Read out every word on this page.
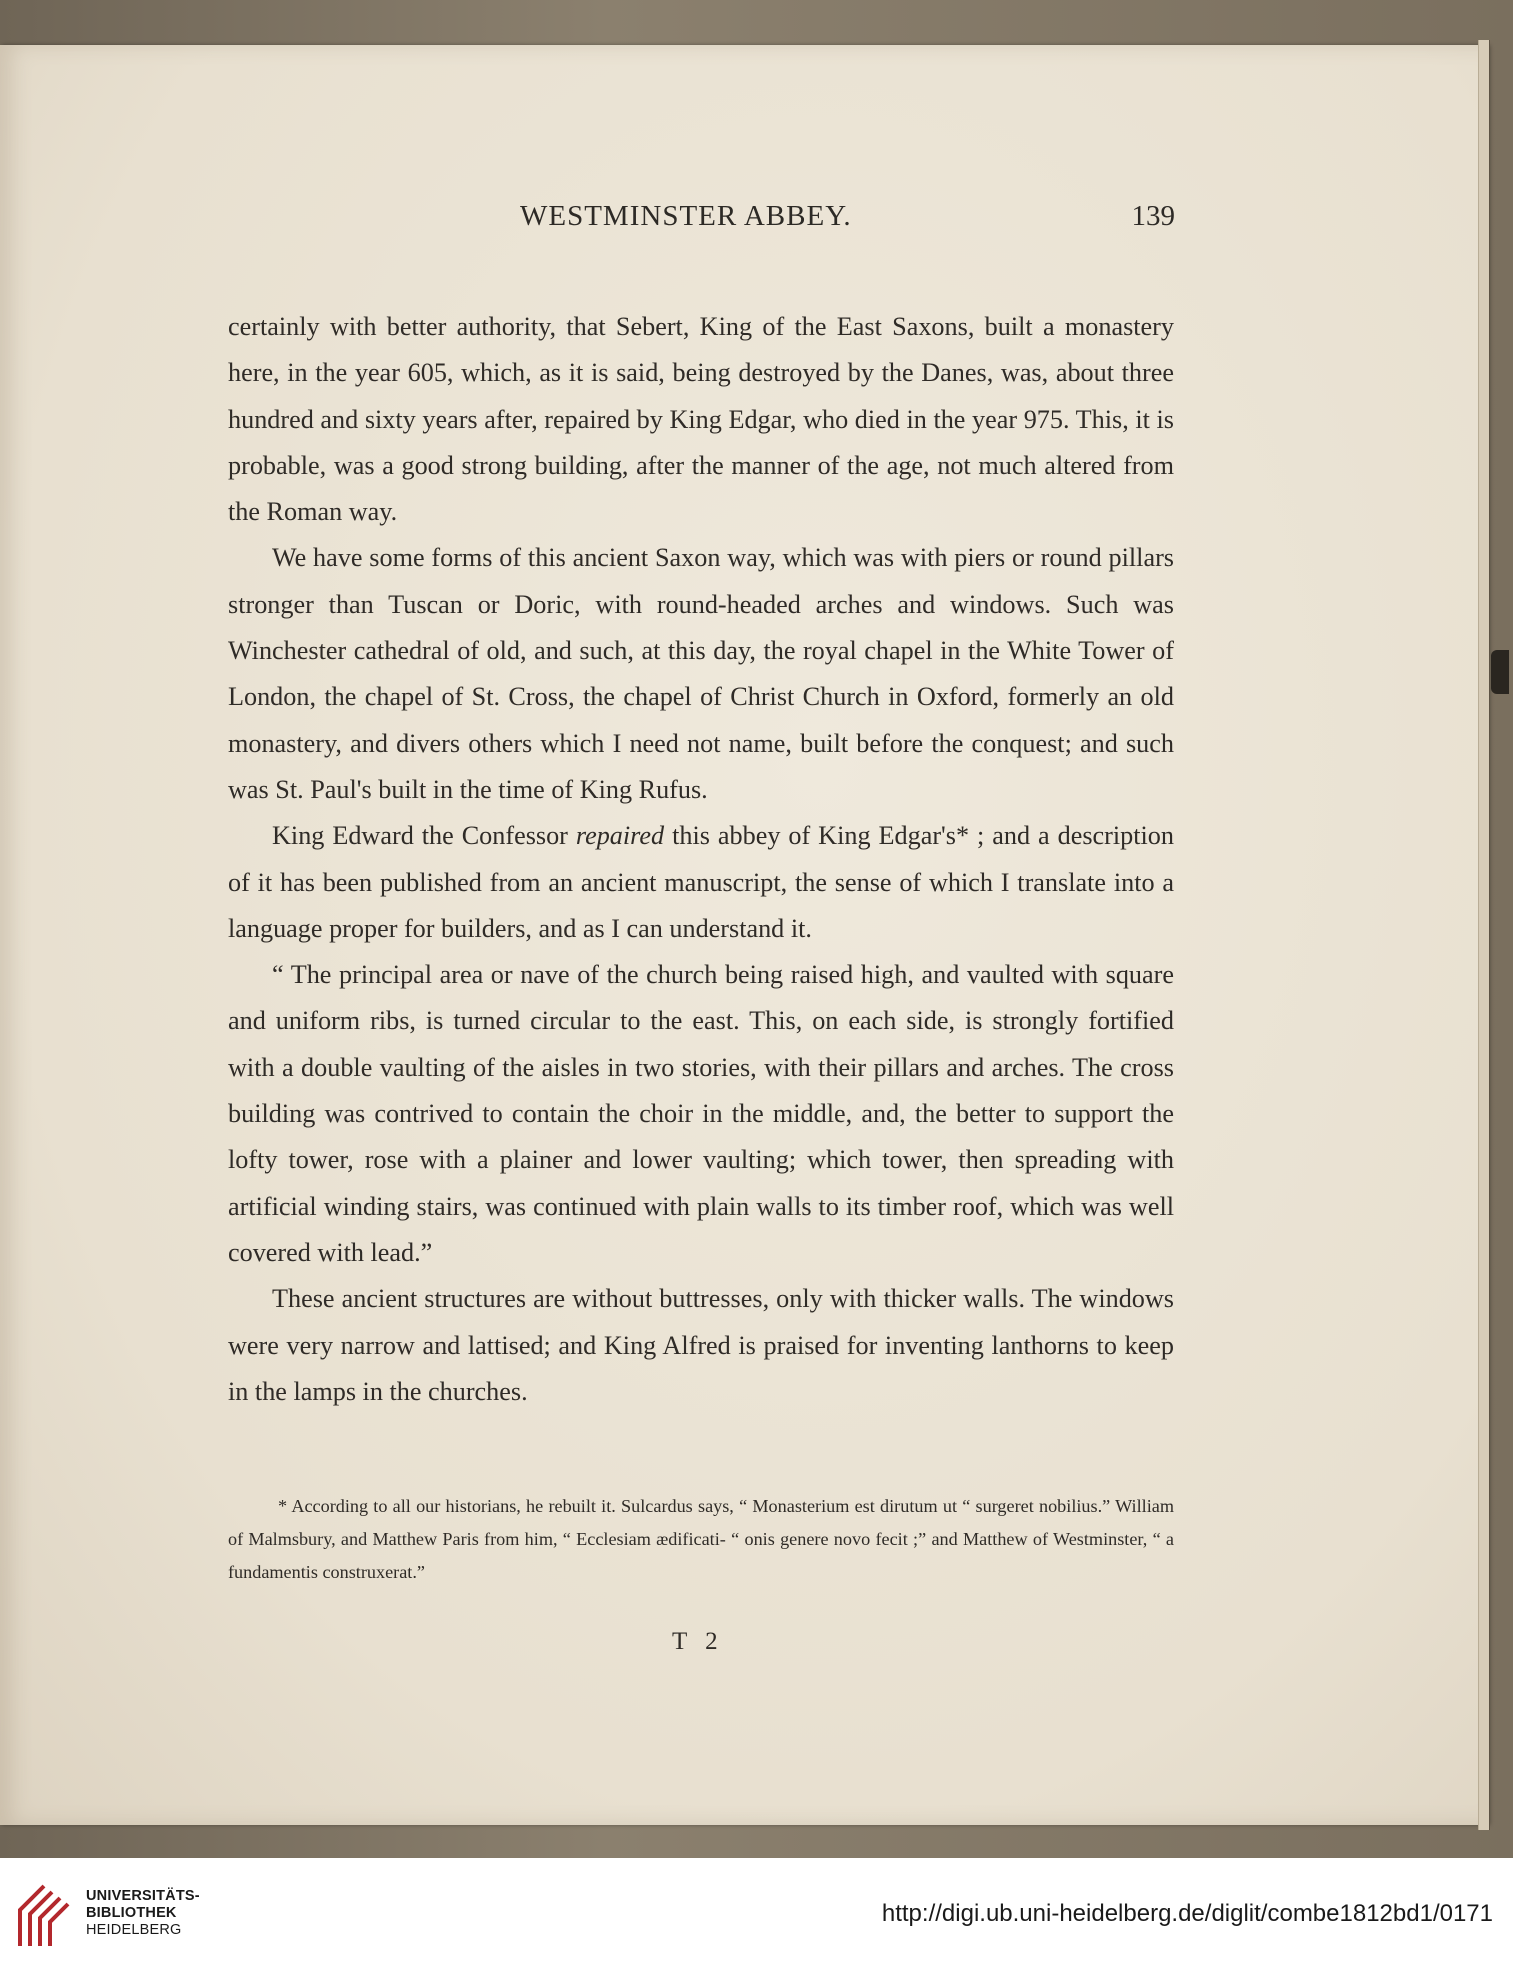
WESTMINSTER ABBEY.	139

certainly with better authority, that Sebert, King of the East Saxons, built a monastery here, in the year 605, which, as it is said, being destroyed by the Danes, was, about three hundred and sixty years after, repaired by King Edgar, who died in the year 975. This, it is probable, was a good strong building, after the manner of the age, not much altered from the Roman way.

We have some forms of this ancient Saxon way, which was with piers or round pillars stronger than Tuscan or Doric, with round-headed arches and windows. Such was Winchester cathedral of old, and such, at this day, the royal chapel in the White Tower of London, the chapel of St. Cross, the chapel of Christ Church in Oxford, formerly an old monastery, and divers others which I need not name, built before the conquest; and such was St. Paul's built in the time of King Rufus.

King Edward the Confessor repaired this abbey of King Edgar's* ; and a description of it has been published from an ancient manuscript, the sense of which I translate into a language proper for builders, and as I can understand it.

“ The principal area or nave of the church being raised high, and vaulted with square and uniform ribs, is turned circular to the east. This, on each side, is strongly fortified with a double vaulting of the aisles in two stories, with their pillars and arches. The cross building was contrived to contain the choir in the middle, and, the better to support the lofty tower, rose with a plainer and lower vaulting; which tower, then spreading with artificial winding stairs, was continued with plain walls to its timber roof, which was well covered with lead.”

These ancient structures are without buttresses, only with thicker walls. The windows were very narrow and lattised; and King Alfred is praised for inventing lanthorns to keep in the lamps in the churches.

* According to all our historians, he rebuilt it. Sulcardus says, “ Monasterium est dirutum ut “ surgeret nobilius.” William of Malmsbury, and Matthew Paris from him, “ Ecclesiam ædificati- “ onis genere novo fecit ;” and Matthew of Westminster, “ a fundamentis construxerat.”

T 2
UNIVERSITÄTS-
BIBLIOTHEK
HEIDELBERG
http://digi.ub.uni-heidelberg.de/diglit/combe1812bd1/0171
